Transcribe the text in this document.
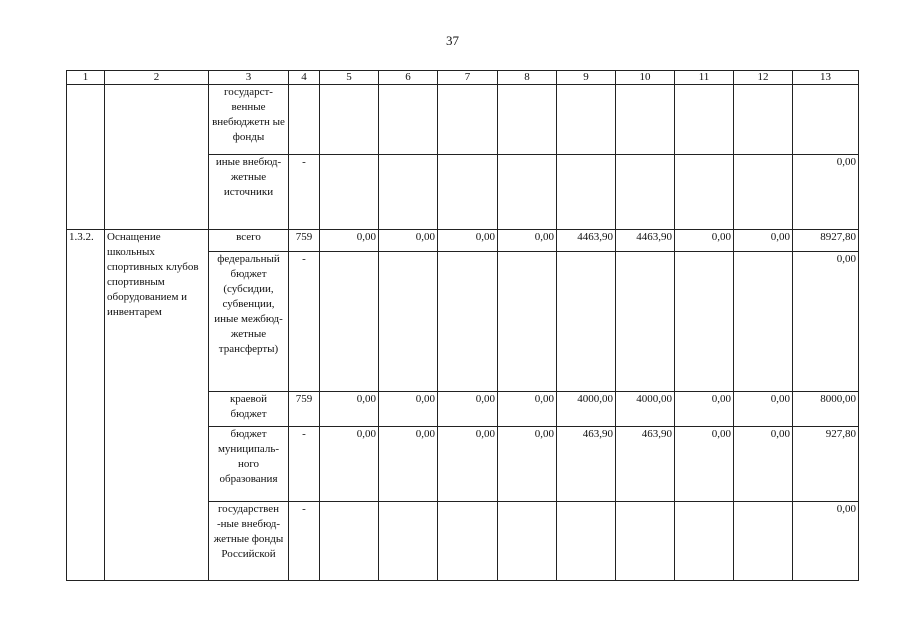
37
1	2	3	4	5	6	7	8	9	10	11	12	13
		государст-венные внебюджетн ые фонды										
		иные внебюд-жетные источники	-									0,00
1.3.2.	Оснащение школьных спортивных клубов спортивным оборудованием и инвентарем	всего	759	0,00	0,00	0,00	0,00	4463,90	4463,90	0,00	0,00	8927,80
		федеральный бюджет (субсидии, субвенции, иные межбюд-жетные трансферты)	-									0,00
		краевой бюджет	759	0,00	0,00	0,00	0,00	4000,00	4000,00	0,00	0,00	8000,00
		бюджет муниципаль-ного образования	-	0,00	0,00	0,00	0,00	463,90	463,90	0,00	0,00	927,80
		государствен -ные внебюд-жетные фонды Российской	-									0,00
